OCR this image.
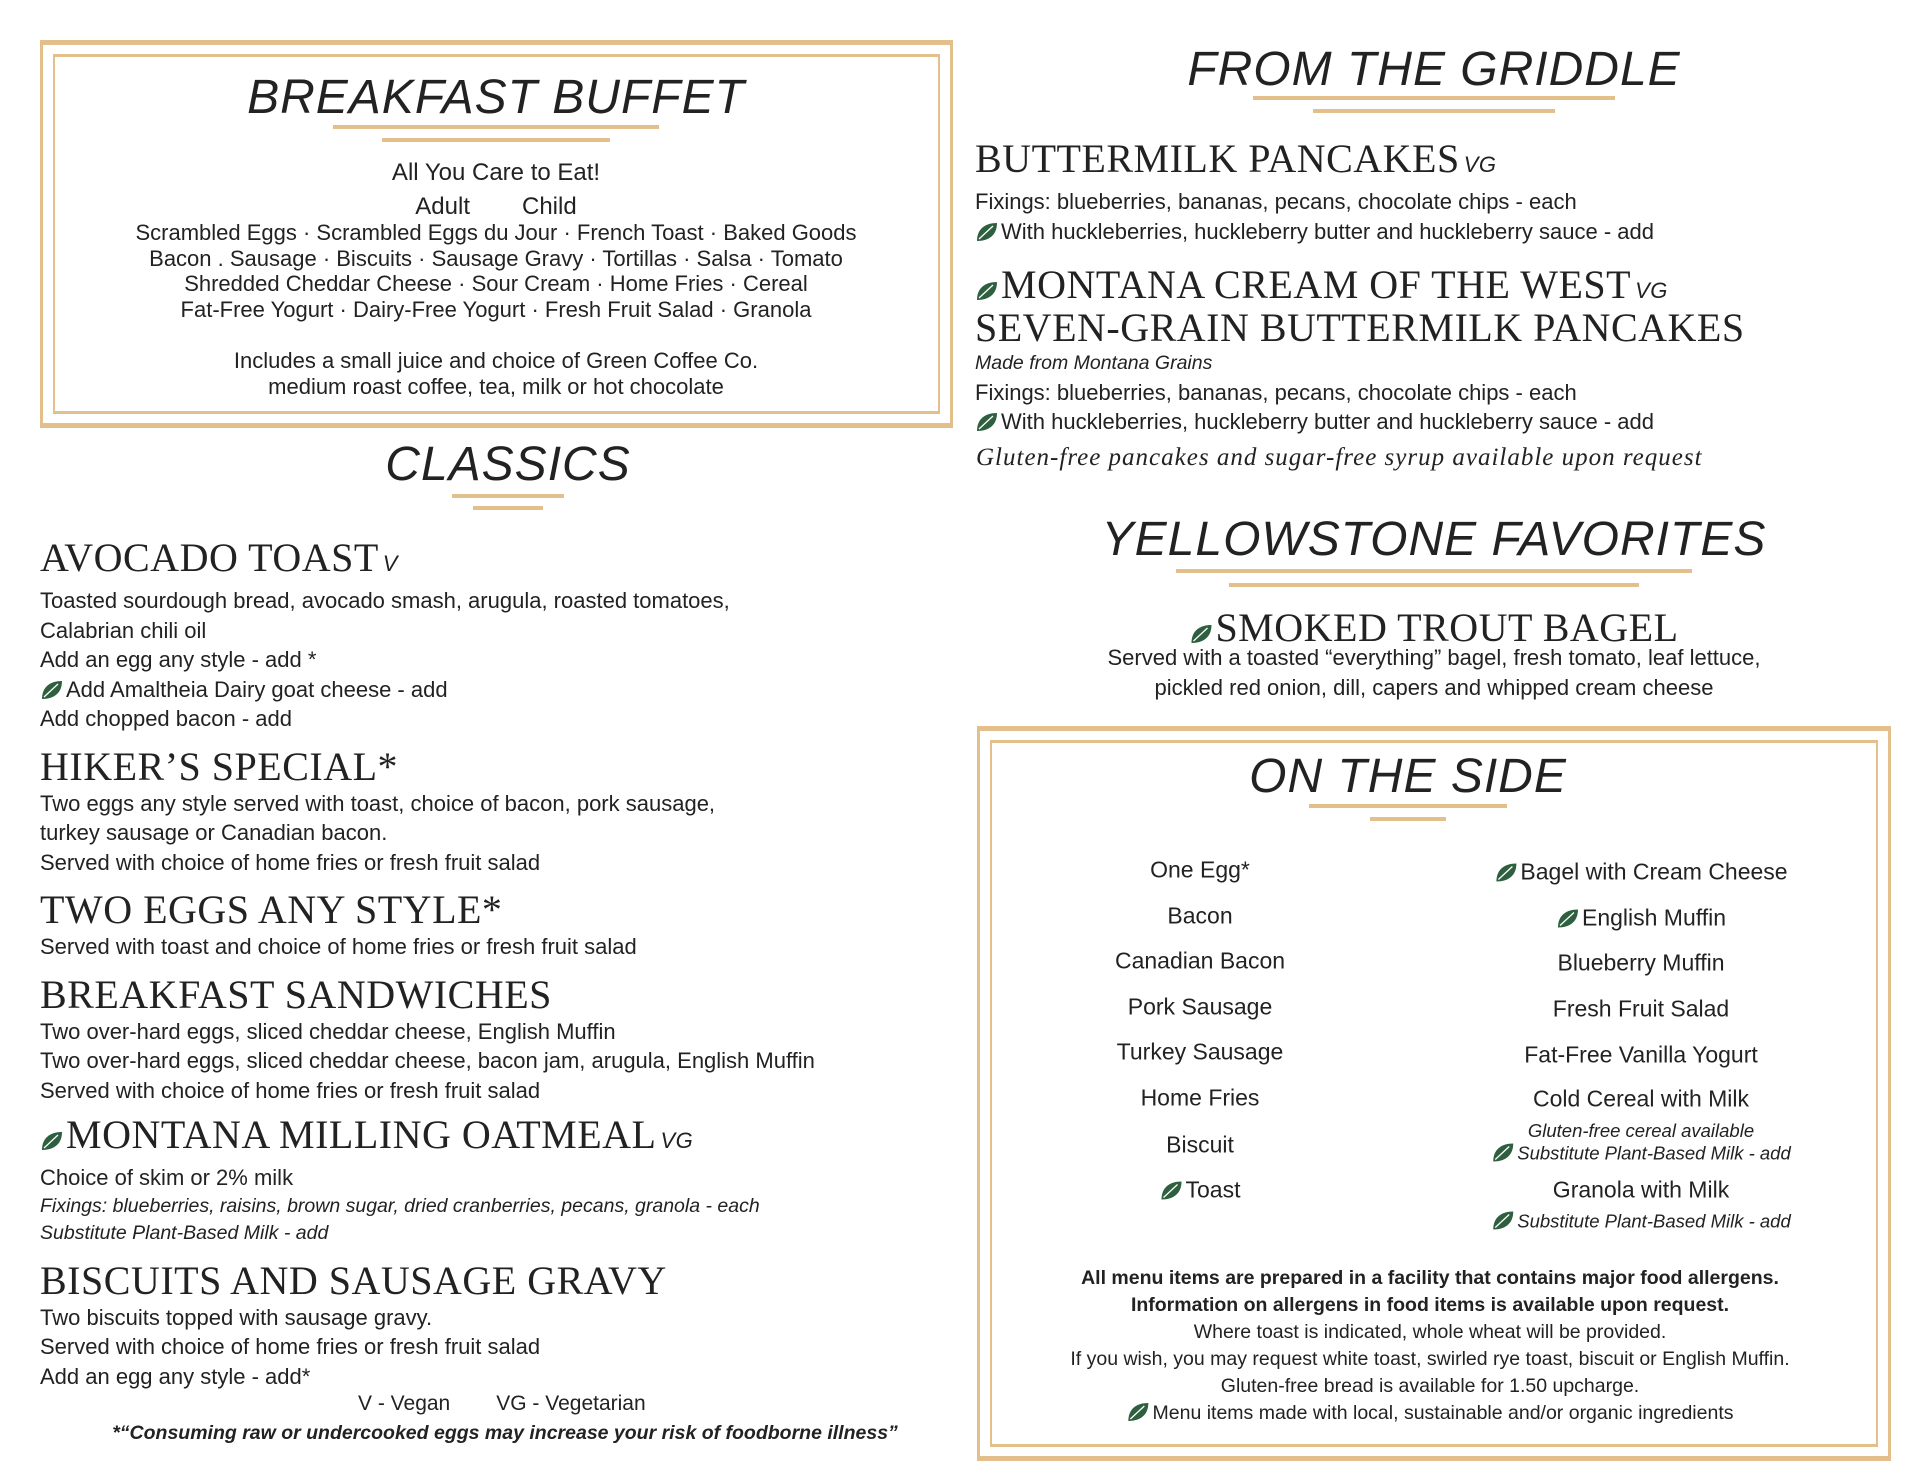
BREAKFAST BUFFET
All You Care to Eat!
Adult Child
Scrambled Eggs · Scrambled Eggs du Jour · French Toast · Baked Goods
Bacon . Sausage · Biscuits · Sausage Gravy · Tortillas · Salsa · Tomato
Shredded Cheddar Cheese · Sour Cream · Home Fries · Cereal
Fat-Free Yogurt · Dairy-Free Yogurt · Fresh Fruit Salad · Granola
Includes a small juice and choice of Green Coffee Co.
medium roast coffee, tea, milk or hot chocolate
CLASSICS
AVOCADO TOAST V
Toasted sourdough bread, avocado smash, arugula, roasted tomatoes,
Calabrian chili oil
Add an egg any style - add *
Add Amaltheia Dairy goat cheese - add
Add chopped bacon - add
HIKER’S SPECIAL*
Two eggs any style served with toast, choice of bacon, pork sausage,
turkey sausage or Canadian bacon.
Served with choice of home fries or fresh fruit salad
TWO EGGS ANY STYLE*
Served with toast and choice of home fries or fresh fruit salad
BREAKFAST SANDWICHES
Two over-hard eggs, sliced cheddar cheese, English Muffin
Two over-hard eggs, sliced cheddar cheese, bacon jam, arugula, English Muffin
Served with choice of home fries or fresh fruit salad
MONTANA MILLING OATMEAL VG
Choice of skim or 2% milk
Fixings: blueberries, raisins, brown sugar, dried cranberries, pecans, granola - each
Substitute Plant-Based Milk - add
BISCUITS AND SAUSAGE GRAVY
Two biscuits topped with sausage gravy.
Served with choice of home fries or fresh fruit salad
Add an egg any style - add*
V - Vegan VG - Vegetarian
*“Consuming raw or undercooked eggs may increase your risk of foodborne illness”
FROM THE GRIDDLE
BUTTERMILK PANCAKES VG
Fixings: blueberries, bananas, pecans, chocolate chips - each
With huckleberries, huckleberry butter and huckleberry sauce - add
MONTANA CREAM OF THE WEST VG
SEVEN-GRAIN BUTTERMILK PANCAKES
Made from Montana Grains
Fixings: blueberries, bananas, pecans, chocolate chips - each
With huckleberries, huckleberry butter and huckleberry sauce - add
Gluten-free pancakes and sugar-free syrup available upon request
YELLOWSTONE FAVORITES
SMOKED TROUT BAGEL
Served with a toasted “everything” bagel, fresh tomato, leaf lettuce,
pickled red onion, dill, capers and whipped cream cheese
ON THE SIDE
One Egg*
Bacon
Canadian Bacon
Pork Sausage
Turkey Sausage
Home Fries
Biscuit
Toast
Bagel with Cream Cheese
English Muffin
Blueberry Muffin
Fresh Fruit Salad
Fat-Free Vanilla Yogurt
Cold Cereal with Milk
Gluten-free cereal available
Substitute Plant-Based Milk - add
Granola with Milk
Substitute Plant-Based Milk - add
All menu items are prepared in a facility that contains major food allergens.
Information on allergens in food items is available upon request.
Where toast is indicated, whole wheat will be provided.
If you wish, you may request white toast, swirled rye toast, biscuit or English Muffin.
Gluten-free bread is available for 1.50 upcharge.
Menu items made with local, sustainable and/or organic ingredients
